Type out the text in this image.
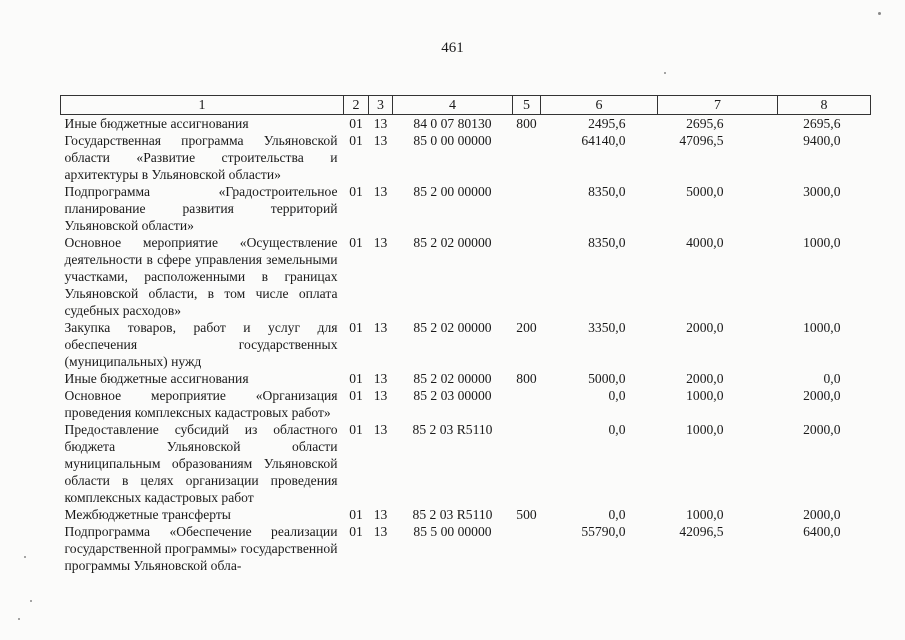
461
1	2	3	4	5	6	7	8
Иные бюджетные ассигнования	01	13	84 0 07 80130	800	2495,6	2695,6	2695,6
Государственная программа Ульяновской области «Развитие строительства и архитектуры в Ульяновской области»	01	13	85 0 00 00000		64140,0	47096,5	9400,0
Подпрограмма «Градостроительное планирование развития территорий Ульяновской области»	01	13	85 2 00 00000		8350,0	5000,0	3000,0
Основное мероприятие «Осуществление деятельности в сфере управления земельными участками, расположенными в границах Ульяновской области, в том числе оплата судебных расходов»	01	13	85 2 02 00000		8350,0	4000,0	1000,0
Закупка товаров, работ и услуг для обеспечения государственных (муниципальных) нужд	01	13	85 2 02 00000	200	3350,0	2000,0	1000,0
Иные бюджетные ассигнования	01	13	85 2 02 00000	800	5000,0	2000,0	0,0
Основное мероприятие «Организация проведения комплексных кадастровых работ»	01	13	85 2 03 00000		0,0	1000,0	2000,0
Предоставление субсидий из областного бюджета Ульяновской области муниципальным образованиям Ульяновской области в целях организации проведения комплексных кадастровых работ	01	13	85 2 03 R5110		0,0	1000,0	2000,0
Межбюджетные трансферты	01	13	85 2 03 R5110	500	0,0	1000,0	2000,0
Подпрограмма «Обеспечение реализации государственной программы» государственной программы Ульяновской обла-	01	13	85 5 00 00000		55790,0	42096,5	6400,0
